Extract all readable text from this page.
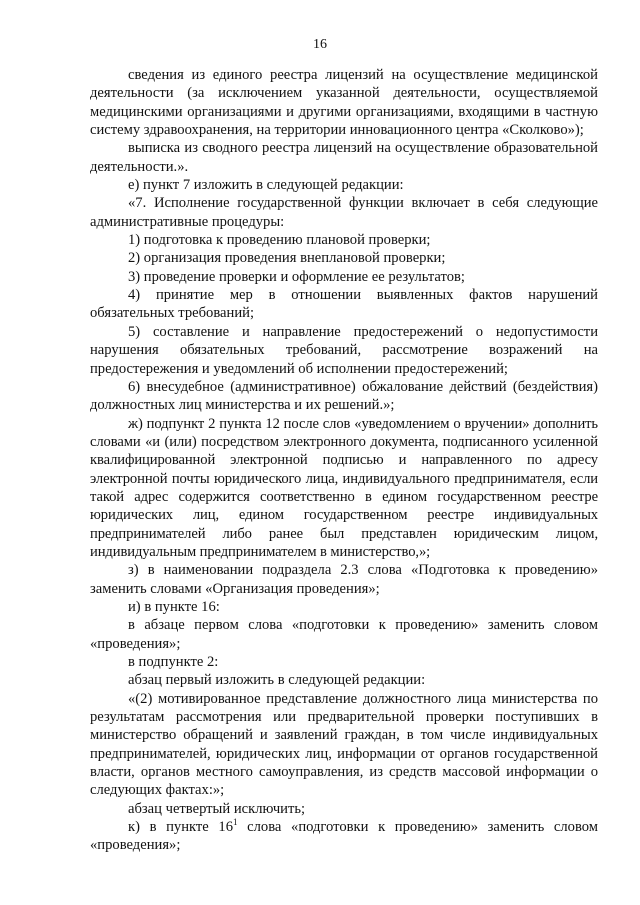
16

сведения из единого реестра лицензий на осуществление медицинской деятельности (за исключением указанной деятельности, осуществляемой медицинскими организациями и другими организациями, входящими в частную систему здравоохранения, на территории инновационного центра «Сколково»);

выписка из сводного реестра лицензий на осуществление образовательной деятельности.».

е) пункт 7 изложить в следующей редакции:

«7. Исполнение государственной функции включает в себя следующие административные процедуры:

1) подготовка к проведению плановой проверки;

2) организация проведения внеплановой проверки;

3) проведение проверки и оформление ее результатов;

4) принятие мер в отношении выявленных фактов нарушений обязательных требований;

5) составление и направление предостережений о недопустимости нарушения обязательных требований, рассмотрение возражений на предостережения и уведомлений об исполнении предостережений;

6) внесудебное (административное) обжалование действий (бездействия) должностных лиц министерства и их решений.»;

ж) подпункт 2 пункта 12 после слов «уведомлением о вручении» дополнить словами «и (или) посредством электронного документа, подписанного усиленной квалифицированной электронной подписью и направленного по адресу электронной почты юридического лица, индивидуального предпринимателя, если такой адрес содержится соответственно в едином государственном реестре юридических лиц, едином государственном реестре индивидуальных предпринимателей либо ранее был представлен юридическим лицом, индивидуальным предпринимателем в министерство,»;

з) в наименовании подраздела 2.3 слова «Подготовка к проведению» заменить словами «Организация проведения»;

и) в пункте 16:

в абзаце первом слова «подготовки к проведению» заменить словом «проведения»;

в подпункте 2:

абзац первый изложить в следующей редакции:

«(2) мотивированное представление должностного лица министерства по результатам рассмотрения или предварительной проверки поступивших в министерство обращений и заявлений граждан, в том числе индивидуальных предпринимателей, юридических лиц, информации от органов государственной власти, органов местного самоуправления, из средств массовой информации о следующих фактах:»;

абзац четвертый исключить;

к) в пункте $16^1$ слова «подготовки к проведению» заменить словом «проведения»;
